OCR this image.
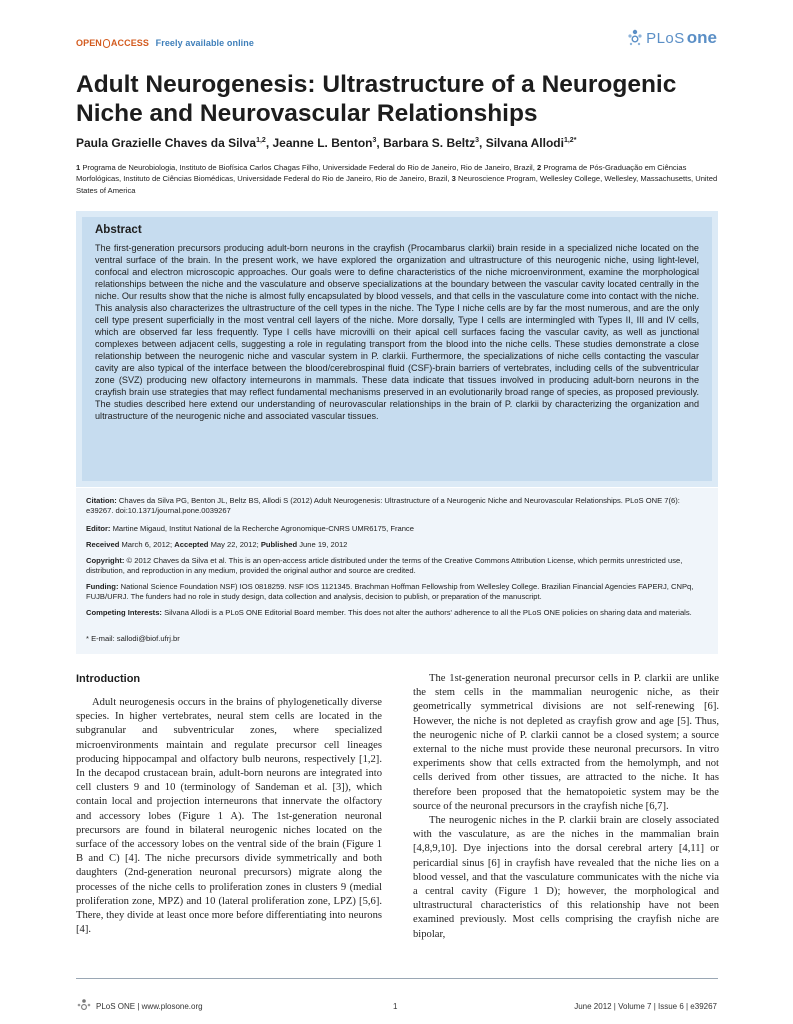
OPEN ACCESS Freely available online	PLoS one
Adult Neurogenesis: Ultrastructure of a Neurogenic Niche and Neurovascular Relationships
Paula Grazielle Chaves da Silva$^{1,2}$, Jeanne L. Benton$^3$, Barbara S. Beltz$^3$, Silvana Allodi$^{1,2*}$
1 Programa de Neurobiologia, Instituto de Biofísica Carlos Chagas Filho, Universidade Federal do Rio de Janeiro, Rio de Janeiro, Brazil, 2 Programa de Pós-Graduação em Ciências Morfológicas, Instituto de Ciências Biomédicas, Universidade Federal do Rio de Janeiro, Rio de Janeiro, Brazil, 3 Neuroscience Program, Wellesley College, Wellesley, Massachusetts, United States of America
Abstract
The first-generation precursors producing adult-born neurons in the crayfish (Procambarus clarkii) brain reside in a specialized niche located on the ventral surface of the brain. In the present work, we have explored the organization and ultrastructure of this neurogenic niche, using light-level, confocal and electron microscopic approaches. Our goals were to define characteristics of the niche microenvironment, examine the morphological relationships between the niche and the vasculature and observe specializations at the boundary between the vascular cavity located centrally in the niche. Our results show that the niche is almost fully encapsulated by blood vessels, and that cells in the vasculature come into contact with the niche. This analysis also characterizes the ultrastructure of the cell types in the niche. The Type I niche cells are by far the most numerous, and are the only cell type present superficially in the most ventral cell layers of the niche. More dorsally, Type I cells are intermingled with Types II, III and IV cells, which are observed far less frequently. Type I cells have microvilli on their apical cell surfaces facing the vascular cavity, as well as junctional complexes between adjacent cells, suggesting a role in regulating transport from the blood into the niche cells. These studies demonstrate a close relationship between the neurogenic niche and vascular system in P. clarkii. Furthermore, the specializations of niche cells contacting the vascular cavity are also typical of the interface between the blood/cerebrospinal fluid (CSF)-brain barriers of vertebrates, including cells of the subventricular zone (SVZ) producing new olfactory interneurons in mammals. These data indicate that tissues involved in producing adult-born neurons in the crayfish brain use strategies that may reflect fundamental mechanisms preserved in an evolutionarily broad range of species, as proposed previously. The studies described here extend our understanding of neurovascular relationships in the brain of P. clarkii by characterizing the organization and ultrastructure of the neurogenic niche and associated vascular tissues.
Citation: Chaves da Silva PG, Benton JL, Beltz BS, Allodi S (2012) Adult Neurogenesis: Ultrastructure of a Neurogenic Niche and Neurovascular Relationships. PLoS ONE 7(6): e39267. doi:10.1371/journal.pone.0039267
Editor: Martine Migaud, Institut National de la Recherche Agronomique-CNRS UMR6175, France
Received March 6, 2012; Accepted May 22, 2012; Published June 19, 2012
Copyright: © 2012 Chaves da Silva et al. This is an open-access article distributed under the terms of the Creative Commons Attribution License, which permits unrestricted use, distribution, and reproduction in any medium, provided the original author and source are credited.
Funding: National Science Foundation NSF) IOS 0818259. NSF IOS 1121345. Brachman Hoffman Fellowship from Wellesley College. Brazilian Financial Agencies FAPERJ, CNPq, FUJB/UFRJ. The funders had no role in study design, data collection and analysis, decision to publish, or preparation of the manuscript.
Competing Interests: Silvana Allodi is a PLoS ONE Editorial Board member. This does not alter the authors' adherence to all the PLoS ONE policies on sharing data and materials.
* E-mail: sallodi@biof.ufrj.br
Introduction

Adult neurogenesis occurs in the brains of phylogenetically diverse species. In higher vertebrates, neural stem cells are located in the subgranular and subventricular zones, where specialized microenvironments maintain and regulate precursor cell lineages producing hippocampal and olfactory bulb neurons, respectively [1,2]. In the decapod crustacean brain, adult-born neurons are integrated into cell clusters 9 and 10 (terminology of Sandeman et al. [3]), which contain local and projection interneurons that innervate the olfactory and accessory lobes (Figure 1 A). The 1st-generation neuronal precursors are found in bilateral neurogenic niches located on the surface of the accessory lobes on the ventral side of the brain (Figure 1 B and C) [4]. The niche precursors divide symmetrically and both daughters (2nd-generation neuronal precursors) migrate along the processes of the niche cells to proliferation zones in clusters 9 (medial proliferation zone, MPZ) and 10 (lateral proliferation zone, LPZ) [5,6]. There, they divide at least once more before differentiating into neurons [4].

The 1st-generation neuronal precursor cells in P. clarkii are unlike the stem cells in the mammalian neurogenic niche, as their geometrically symmetrical divisions are not self-renewing [6]. However, the niche is not depleted as crayfish grow and age [5]. Thus, the neurogenic niche of P. clarkii cannot be a closed system; a source external to the niche must provide these neuronal precursors. In vitro experiments show that cells extracted from the hemolymph, and not cells derived from other tissues, are attracted to the niche. It has therefore been proposed that the hematopoietic system may be the source of the neuronal precursors in the crayfish niche [6,7].

The neurogenic niches in the P. clarkii brain are closely associated with the vasculature, as are the niches in the mammalian brain [4,8,9,10]. Dye injections into the dorsal cerebral artery [4,11] or pericardial sinus [6] in crayfish have revealed that the niche lies on a blood vessel, and that the vasculature communicates with the niche via a central cavity (Figure 1 D); however, the morphological and ultrastructural characteristics of this relationship have not been examined previously. Most cells comprising the crayfish niche are bipolar,

PLoS ONE | www.plosone.org	1	June 2012 | Volume 7 | Issue 6 | e39267
